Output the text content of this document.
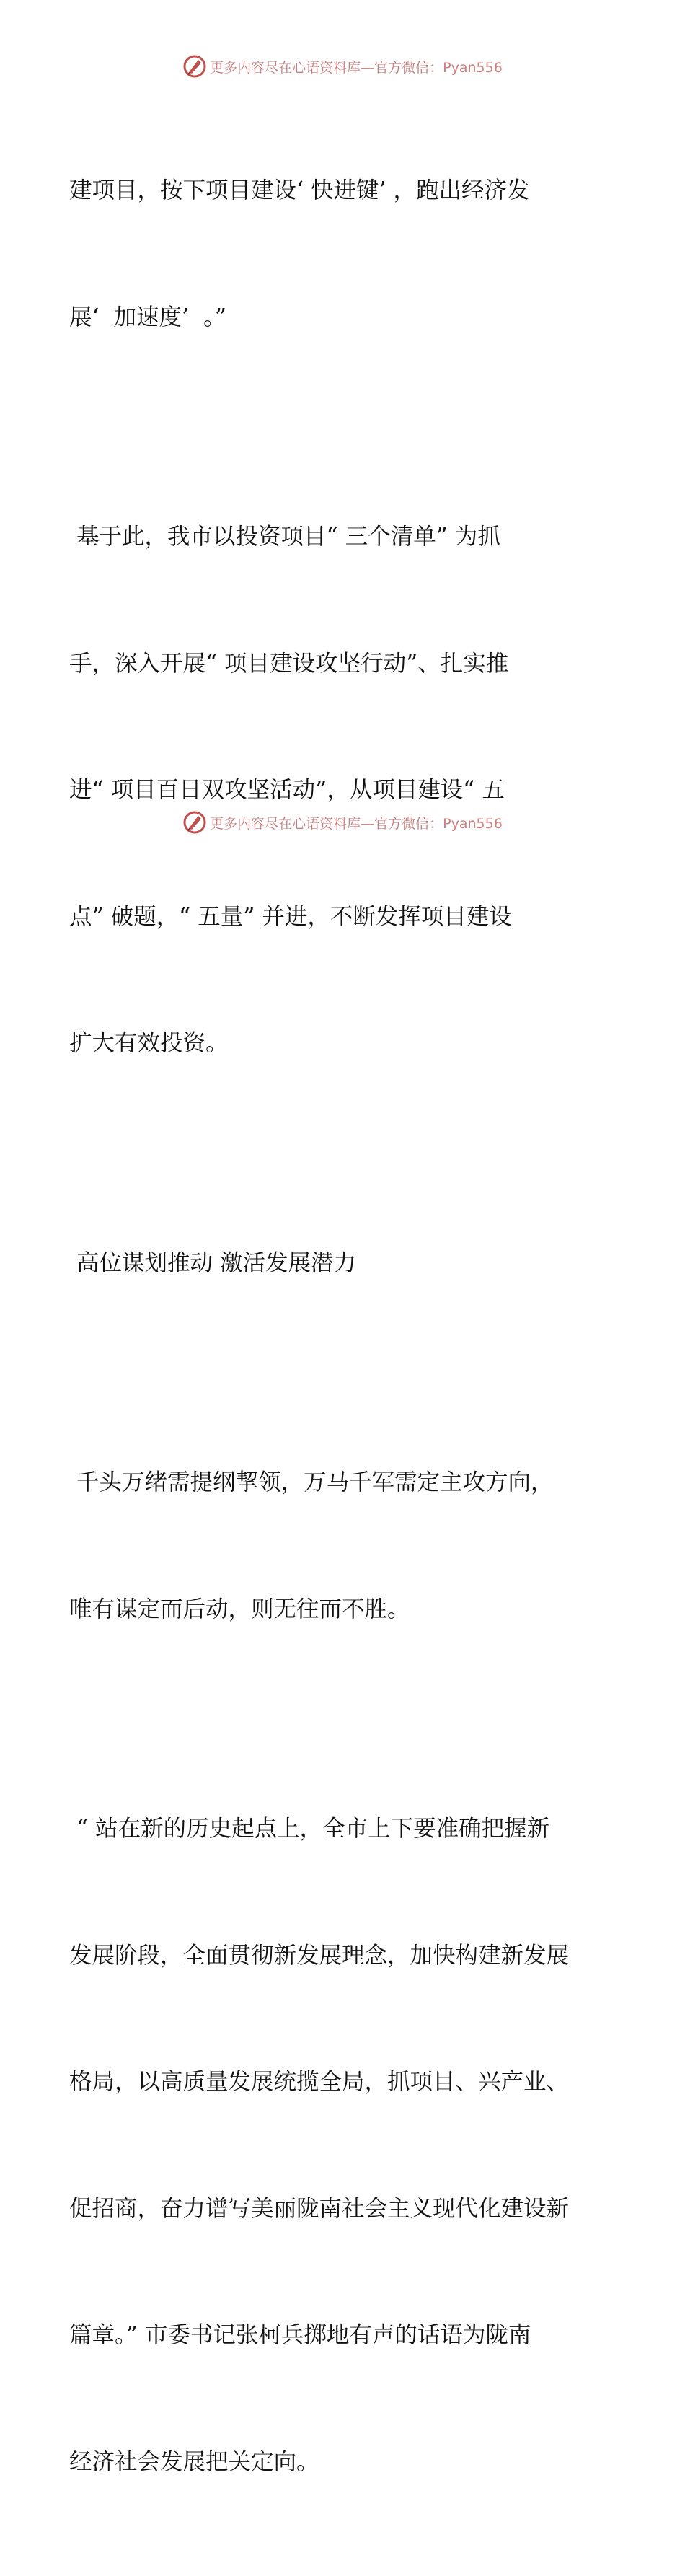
更多内容尽在心语资料库—官方微信：Pyan556

建项目，按下项目建设‘ 快进键’ ，跑出经济发

展‘  加速度’  。”

基于此，我市以投资项目“ 三个清单” 为抓

手，深入开展“ 项目建设攻坚行动”、扎实推

进“ 项目百日双攻坚活动”，从项目建设“ 五

点” 破题，“ 五量” 并进，不断发挥项目建设

扩大有效投资。

高位谋划推动 激活发展潜力

千头万绪需提纲挈领，万马千军需定主攻方向，

唯有谋定而后动，则无往而不胜。

“ 站在新的历史起点上，全市上下要准确把握新

发展阶段，全面贯彻新发展理念，加快构建新发展

格局，以高质量发展统揽全局，抓项目、兴产业、

促招商，奋力谱写美丽陇南社会主义现代化建设新

篇章。” 市委书记张柯兵掷地有声的话语为陇南

经济社会发展把关定向。

更多内容尽在心语资料库—官方微信：Pyan556
